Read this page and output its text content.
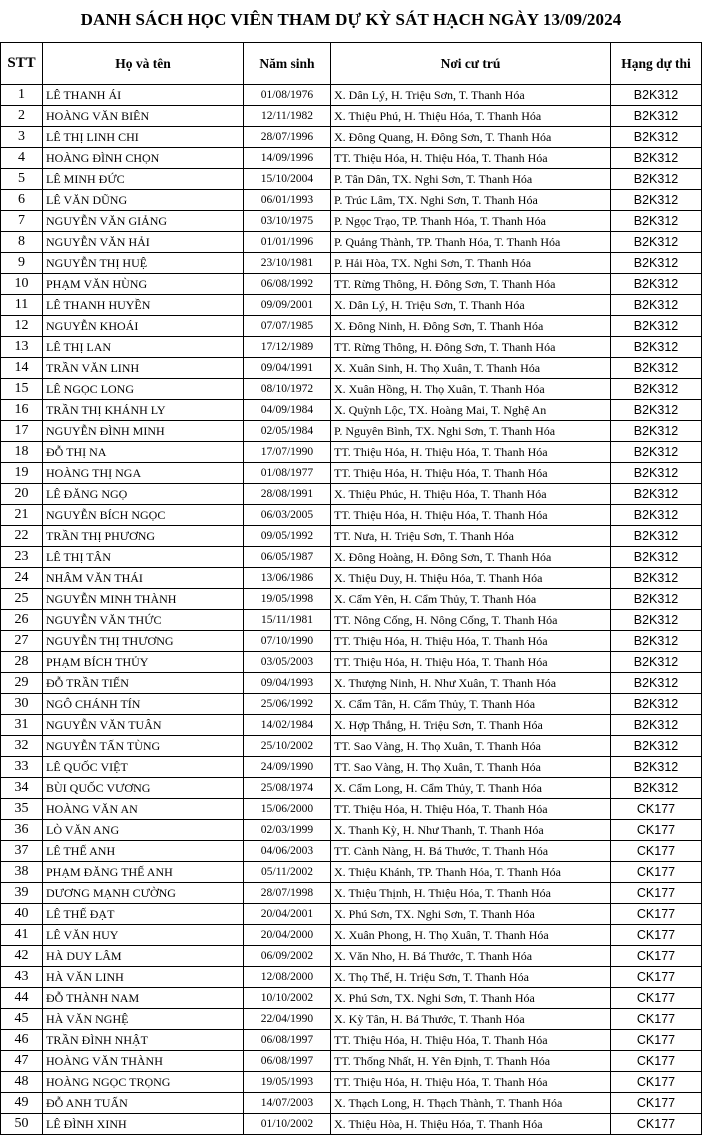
DANH SÁCH HỌC VIÊN THAM DỰ KỲ SÁT HẠCH NGÀY 13/09/2024
STT	Họ và tên	Năm sinh	Nơi cư trú	Hạng dự thi
1	LÊ THANH ÁI	01/08/1976	X. Dân Lý, H. Triệu Sơn, T. Thanh Hóa	B2K312
2	HOÀNG VĂN BIÊN	12/11/1982	X. Thiệu Phú, H. Thiệu Hóa, T. Thanh Hóa	B2K312
3	LÊ THỊ LINH CHI	28/07/1996	X. Đông Quang, H. Đông Sơn, T. Thanh Hóa	B2K312
4	HOÀNG ĐÌNH CHỌN	14/09/1996	TT. Thiệu Hóa, H. Thiệu Hóa, T. Thanh Hóa	B2K312
5	LÊ MINH ĐỨC	15/10/2004	P. Tân Dân, TX. Nghi Sơn, T. Thanh Hóa	B2K312
6	LÊ VĂN DŨNG	06/01/1993	P. Trúc Lâm, TX. Nghi Sơn, T. Thanh Hóa	B2K312
7	NGUYỄN VĂN GIẢNG	03/10/1975	P. Ngọc Trạo, TP. Thanh Hóa, T. Thanh Hóa	B2K312
8	NGUYỄN VĂN HẢI	01/01/1996	P. Quảng Thành, TP. Thanh Hóa, T. Thanh Hóa	B2K312
9	NGUYỄN THỊ HUỆ	23/10/1981	P. Hải Hòa, TX. Nghi Sơn, T. Thanh Hóa	B2K312
10	PHẠM VĂN HÙNG	06/08/1992	TT. Rừng Thông, H. Đông Sơn, T. Thanh Hóa	B2K312
11	LÊ THANH HUYỀN	09/09/2001	X. Dân Lý, H. Triệu Sơn, T. Thanh Hóa	B2K312
12	NGUYỄN KHOÁI	07/07/1985	X. Đông Ninh, H. Đông Sơn, T. Thanh Hóa	B2K312
13	LÊ THỊ LAN	17/12/1989	TT. Rừng Thông, H. Đông Sơn, T. Thanh Hóa	B2K312
14	TRẦN VĂN LINH	09/04/1991	X. Xuân Sinh, H. Thọ Xuân, T. Thanh Hóa	B2K312
15	LÊ NGỌC LONG	08/10/1972	X. Xuân Hồng, H. Thọ Xuân, T. Thanh Hóa	B2K312
16	TRẦN THỊ KHÁNH LY	04/09/1984	X. Quỳnh Lộc, TX. Hoàng Mai, T. Nghệ An	B2K312
17	NGUYỄN ĐÌNH MINH	02/05/1984	P. Nguyên Bình, TX. Nghi Sơn, T. Thanh Hóa	B2K312
18	ĐỖ THỊ NA	17/07/1990	TT. Thiệu Hóa, H. Thiệu Hóa, T. Thanh Hóa	B2K312
19	HOÀNG THỊ NGA	01/08/1977	TT. Thiệu Hóa, H. Thiệu Hóa, T. Thanh Hóa	B2K312
20	LÊ ĐĂNG NGỌ	28/08/1991	X. Thiệu Phúc, H. Thiệu Hóa, T. Thanh Hóa	B2K312
21	NGUYỄN BÍCH NGỌC	06/03/2005	TT. Thiệu Hóa, H. Thiệu Hóa, T. Thanh Hóa	B2K312
22	TRẦN THỊ PHƯƠNG	09/05/1992	TT. Nưa, H. Triệu Sơn, T. Thanh Hóa	B2K312
23	LÊ THỊ TÂN	06/05/1987	X. Đông Hoàng, H. Đông Sơn, T. Thanh Hóa	B2K312
24	NHÂM VĂN THÁI	13/06/1986	X. Thiệu Duy, H. Thiệu Hóa, T. Thanh Hóa	B2K312
25	NGUYỄN MINH THÀNH	19/05/1998	X. Cẩm Yên, H. Cẩm Thủy, T. Thanh Hóa	B2K312
26	NGUYỄN VĂN THỨC	15/11/1981	TT. Nông Cống, H. Nông Cống, T. Thanh Hóa	B2K312
27	NGUYỄN THỊ THƯƠNG	07/10/1990	TT. Thiệu Hóa, H. Thiệu Hóa, T. Thanh Hóa	B2K312
28	PHẠM BÍCH THỦY	03/05/2003	TT. Thiệu Hóa, H. Thiệu Hóa, T. Thanh Hóa	B2K312
29	ĐỖ TRẦN TIẾN	09/04/1993	X. Thượng Ninh, H. Như Xuân, T. Thanh Hóa	B2K312
30	NGÔ CHÁNH TÍN	25/06/1992	X. Cẩm Tân, H. Cẩm Thủy, T. Thanh Hóa	B2K312
31	NGUYỄN VĂN TUÂN	14/02/1984	X. Hợp Thắng, H. Triệu Sơn, T. Thanh Hóa	B2K312
32	NGUYỄN TẤN TÙNG	25/10/2002	TT. Sao Vàng, H. Thọ Xuân, T. Thanh Hóa	B2K312
33	LÊ QUỐC VIỆT	24/09/1990	TT. Sao Vàng, H. Thọ Xuân, T. Thanh Hóa	B2K312
34	BÙI QUỐC VƯƠNG	25/08/1974	X. Cẩm Long, H. Cẩm Thủy, T. Thanh Hóa	B2K312
35	HOÀNG VĂN AN	15/06/2000	TT. Thiệu Hóa, H. Thiệu Hóa, T. Thanh Hóa	CK177
36	LÒ VĂN ANG	02/03/1999	X. Thanh Kỳ, H. Như Thanh, T. Thanh Hóa	CK177
37	LÊ THẾ ANH	04/06/2003	TT. Cành Nàng, H. Bá Thước, T. Thanh Hóa	CK177
38	PHẠM ĐĂNG THẾ ANH	05/11/2002	X. Thiệu Khánh, TP. Thanh Hóa, T. Thanh Hóa	CK177
39	DƯƠNG MẠNH CƯỜNG	28/07/1998	X. Thiệu Thịnh, H. Thiệu Hóa, T. Thanh Hóa	CK177
40	LÊ THẾ ĐẠT	20/04/2001	X. Phú Sơn, TX. Nghi Sơn, T. Thanh Hóa	CK177
41	LÊ VĂN HUY	20/04/2000	X. Xuân Phong, H. Thọ Xuân, T. Thanh Hóa	CK177
42	HÀ DUY LÂM	06/09/2002	X. Văn Nho, H. Bá Thước, T. Thanh Hóa	CK177
43	HÀ VĂN LINH	12/08/2000	X. Thọ Thế, H. Triệu Sơn, T. Thanh Hóa	CK177
44	ĐỖ THÀNH NAM	10/10/2002	X. Phú Sơn, TX. Nghi Sơn, T. Thanh Hóa	CK177
45	HÀ VĂN NGHỆ	22/04/1990	X. Kỳ Tân, H. Bá Thước, T. Thanh Hóa	CK177
46	TRẦN ĐÌNH NHẬT	06/08/1997	TT. Thiệu Hóa, H. Thiệu Hóa, T. Thanh Hóa	CK177
47	HOÀNG VĂN THÀNH	06/08/1997	TT. Thống Nhất, H. Yên Định, T. Thanh Hóa	CK177
48	HOÀNG NGỌC TRỌNG	19/05/1993	TT. Thiệu Hóa, H. Thiệu Hóa, T. Thanh Hóa	CK177
49	ĐỖ ANH TUẤN	14/07/2003	X. Thạch Long, H. Thạch Thành, T. Thanh Hóa	CK177
50	LÊ ĐÌNH XINH	01/10/2002	X. Thiệu Hòa, H. Thiệu Hóa, T. Thanh Hóa	CK177
